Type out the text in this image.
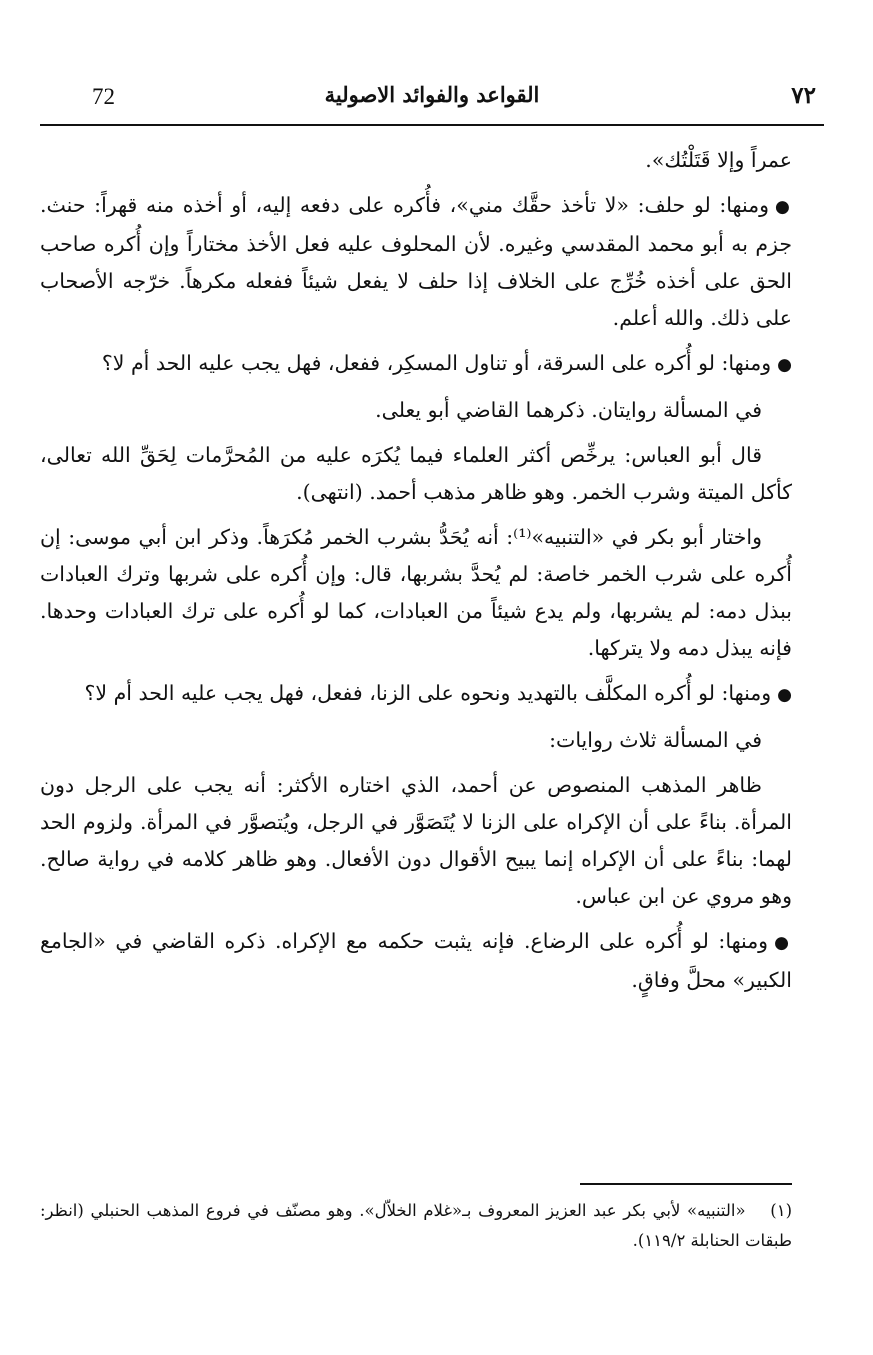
72	القواعد والفوائد الاصولية	٧٢

عمراً وإلا قَتَلْتُك».

●ومنها: لو حلف: «لا تأخذ حقَّك مني»، فأُكره على دفعه إليه، أو أخذه منه قهراً: حنث. جزم به أبو محمد المقدسي وغيره. لأن المحلوف عليه فعل الأخذ مختاراً وإن أُكره صاحب الحق على أخذه خُرِّج على الخلاف إذا حلف لا يفعل شيئاً ففعله مكرهاً. خرّجه الأصحاب على ذلك. والله أعلم.

●ومنها: لو أُكره على السرقة، أو تناول المسكِر، ففعل، فهل يجب عليه الحد أم لا؟

في المسألة روايتان. ذكرهما القاضي أبو يعلى.

قال أبو العباس: يرخِّص أكثر العلماء فيما يُكرَه عليه من المُحرَّمات لِحَقِّ الله تعالى، كأكل الميتة وشرب الخمر. وهو ظاهر مذهب أحمد. (انتهى).

واختار أبو بكر في «التنبيه»⁽¹⁾: أنه يُحَدُّ بشرب الخمر مُكرَهاً. وذكر ابن أبي موسى: إن أُكره على شرب الخمر خاصة: لم يُحدَّ بشربها، قال: وإن أُكره على شربها وترك العبادات ببذل دمه: لم يشربها، ولم يدع شيئاً من العبادات، كما لو أُكره على ترك العبادات وحدها. فإنه يبذل دمه ولا يتركها.

●ومنها: لو أُكره المكلَّف بالتهديد ونحوه على الزنا، ففعل، فهل يجب عليه الحد أم لا؟

في المسألة ثلاث روايات:

ظاهر المذهب المنصوص عن أحمد، الذي اختاره الأكثر: أنه يجب على الرجل دون المرأة. بناءً على أن الإكراه على الزنا لا يُتَصَوَّر في الرجل، ويُتصوَّر في المرأة. ولزوم الحد لهما: بناءً على أن الإكراه إنما يبيح الأقوال دون الأفعال. وهو ظاهر كلامه في رواية صالح. وهو مروي عن ابن عباس.

●ومنها: لو أُكره على الرضاع. فإنه يثبت حكمه مع الإكراه. ذكره القاضي في «الجامع الكبير» محلَّ وفاقٍ.

(١) «التنبيه» لأبي بكر عبد العزيز المعروف بـ«غلام الخلاّل». وهو مصنّف في فروع المذهب الحنبلي (انظر: طبقات الحنابلة ١١٩/٢).
